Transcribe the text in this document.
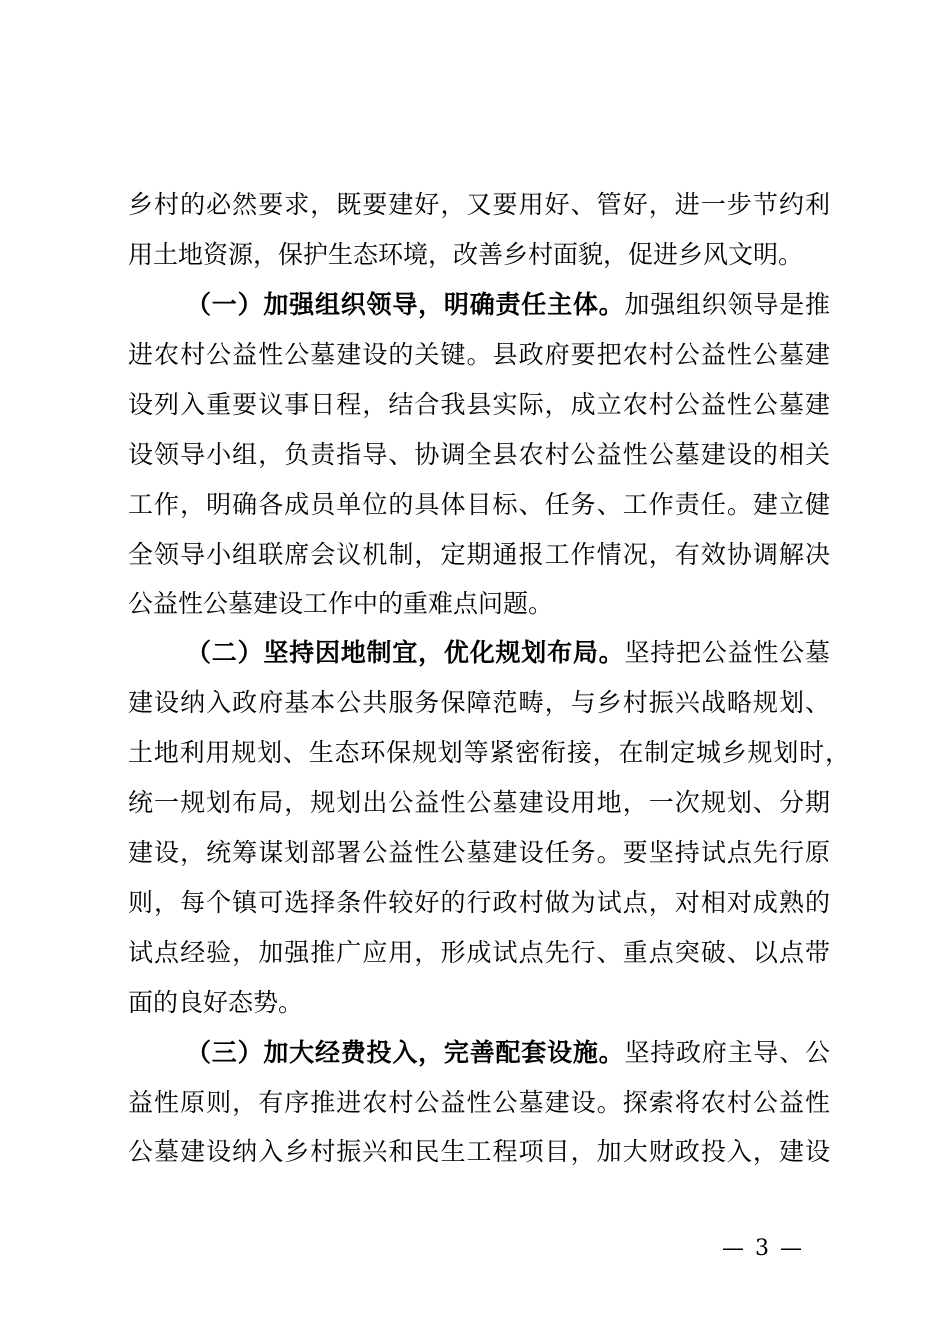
乡村的必然要求，既要建好，又要用好、管好，进一步节约利
用土地资源，保护生态环境，改善乡村面貌，促进乡风文明。
（一）加强组织领导，明确责任主体。加强组织领导是推
进农村公益性公墓建设的关键。县政府要把农村公益性公墓建
设列入重要议事日程，结合我县实际，成立农村公益性公墓建
设领导小组，负责指导、协调全县农村公益性公墓建设的相关
工作，明确各成员单位的具体目标、任务、工作责任。建立健
全领导小组联席会议机制，定期通报工作情况，有效协调解决
公益性公墓建设工作中的重难点问题。
（二）坚持因地制宜，优化规划布局。坚持把公益性公墓
建设纳入政府基本公共服务保障范畴，与乡村振兴战略规划、
土地利用规划、生态环保规划等紧密衔接，在制定城乡规划时，
统一规划布局，规划出公益性公墓建设用地，一次规划、分期
建设，统筹谋划部署公益性公墓建设任务。要坚持试点先行原
则，每个镇可选择条件较好的行政村做为试点，对相对成熟的
试点经验，加强推广应用，形成试点先行、重点突破、以点带
面的良好态势。
（三）加大经费投入，完善配套设施。坚持政府主导、公
益性原则，有序推进农村公益性公墓建设。探索将农村公益性
公墓建设纳入乡村振兴和民生工程项目，加大财政投入，建设
— 3 —
